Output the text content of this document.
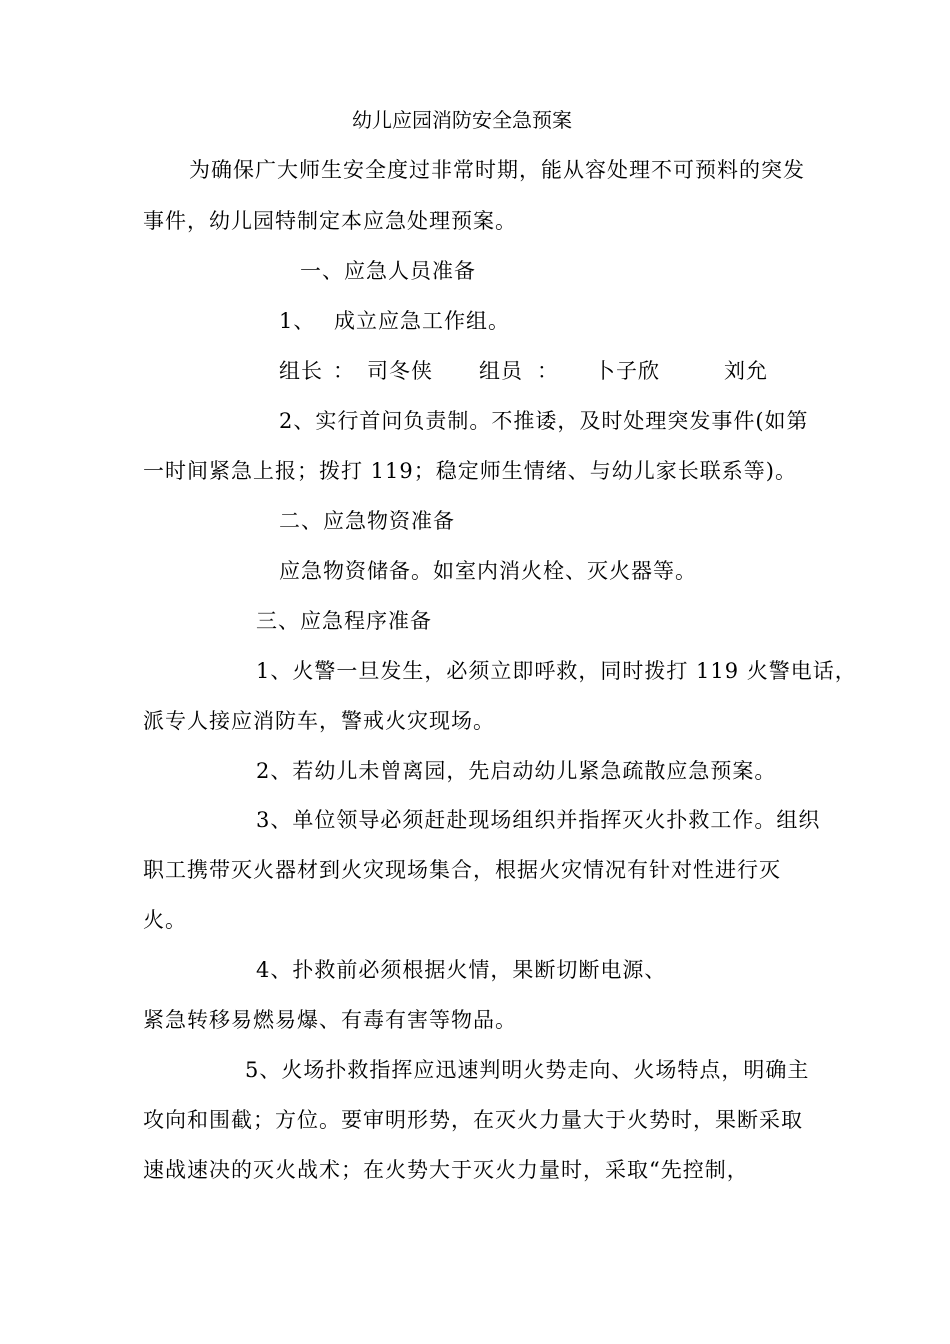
幼儿应园消防安全急预案
为确保广大师生安全度过非常时期，能从容处理不可预料的突发
事件，幼儿园特制定本应急处理预案。
一、应急人员准备
1、 成立应急工作组。
组长 ： 司冬侠 组员 ： 卜子欣	刘允
2、实行首问负责制。不推诿，及时处理突发事件(如第
一时间紧急上报；拨打 119；稳定师生情绪、与幼儿家长联系等)。
二、应急物资准备
应急物资储备。如室内消火栓、灭火器等。
三、应急程序准备
1、火警一旦发生，必须立即呼救，同时拨打 119 火警电话，
派专人接应消防车，警戒火灾现场。
2、若幼儿未曾离园，先启动幼儿紧急疏散应急预案。
3、单位领导必须赶赴现场组织并指挥灭火扑救工作。组织
职工携带灭火器材到火灾现场集合，根据火灾情况有针对性进行灭
火。
4、扑救前必须根据火情，果断切断电源、
紧急转移易燃易爆、有毒有害等物品。
5、火场扑救指挥应迅速判明火势走向、火场特点，明确主
攻向和围截；方位。要审明形势，在灭火力量大于火势时，果断采取
速战速决的灭火战术；在火势大于灭火力量时，采取“先控制，
